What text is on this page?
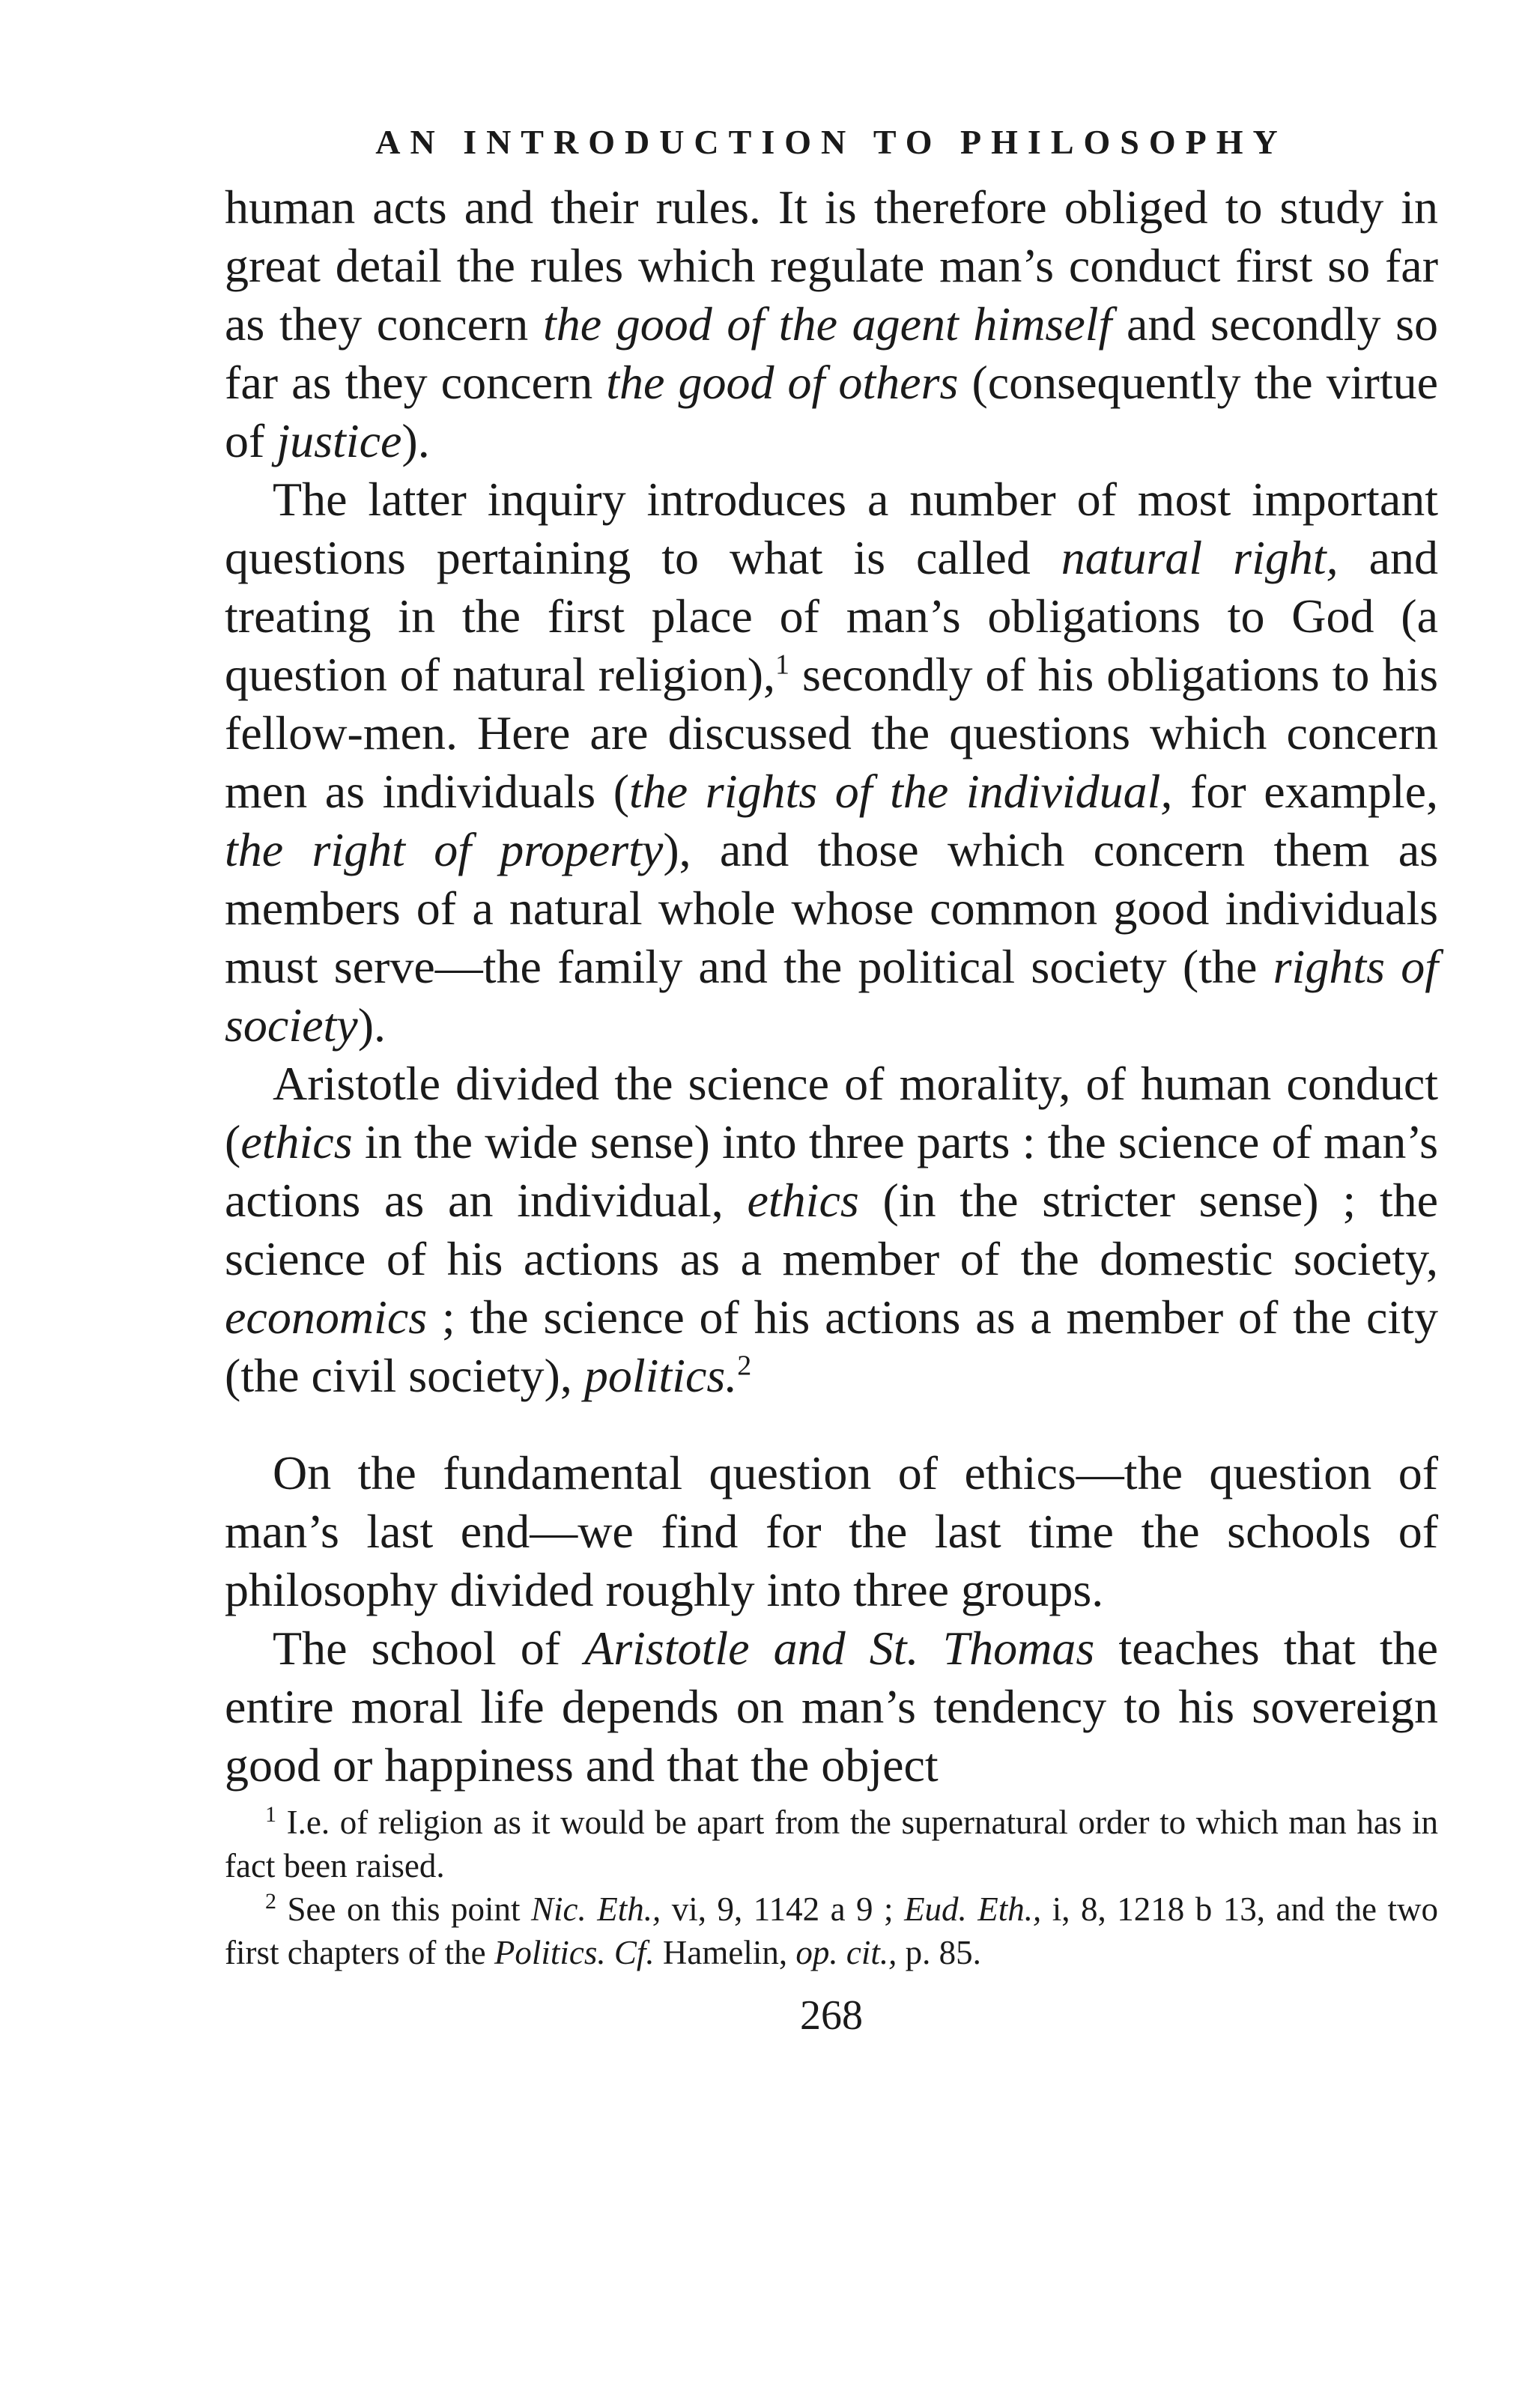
AN INTRODUCTION TO PHILOSOPHY

human acts and their rules. It is therefore obliged to study in great detail the rules which regulate man’s conduct first so far as they concern the good of the agent himself and secondly so far as they concern the good of others (consequently the virtue of justice).

The latter inquiry introduces a number of most important questions pertaining to what is called natural right, and treating in the first place of man’s obligations to God (a question of natural religion),$^1$ secondly of his obligations to his fellow-men. Here are discussed the questions which concern men as individuals (the rights of the individual, for example, the right of property), and those which concern them as members of a natural whole whose common good individuals must serve—the family and the political society (the rights of society).

Aristotle divided the science of morality, of human conduct (ethics in the wide sense) into three parts : the science of man’s actions as an individual, ethics (in the stricter sense) ; the science of his actions as a member of the domestic society, economics ; the science of his actions as a member of the city (the civil society), politics.$^2$

On the fundamental question of ethics—the question of man’s last end—we find for the last time the schools of philosophy divided roughly into three groups.

The school of Aristotle and St. Thomas teaches that the entire moral life depends on man’s tendency to his sovereign good or happiness and that the object

$^1$ I.e. of religion as it would be apart from the supernatural order to which man has in fact been raised.

$^2$ See on this point Nic. Eth., vi, 9, 1142 a 9 ; Eud. Eth., i, 8, 1218 b 13, and the two first chapters of the Politics. Cf. Hamelin, op. cit., p. 85.

268
